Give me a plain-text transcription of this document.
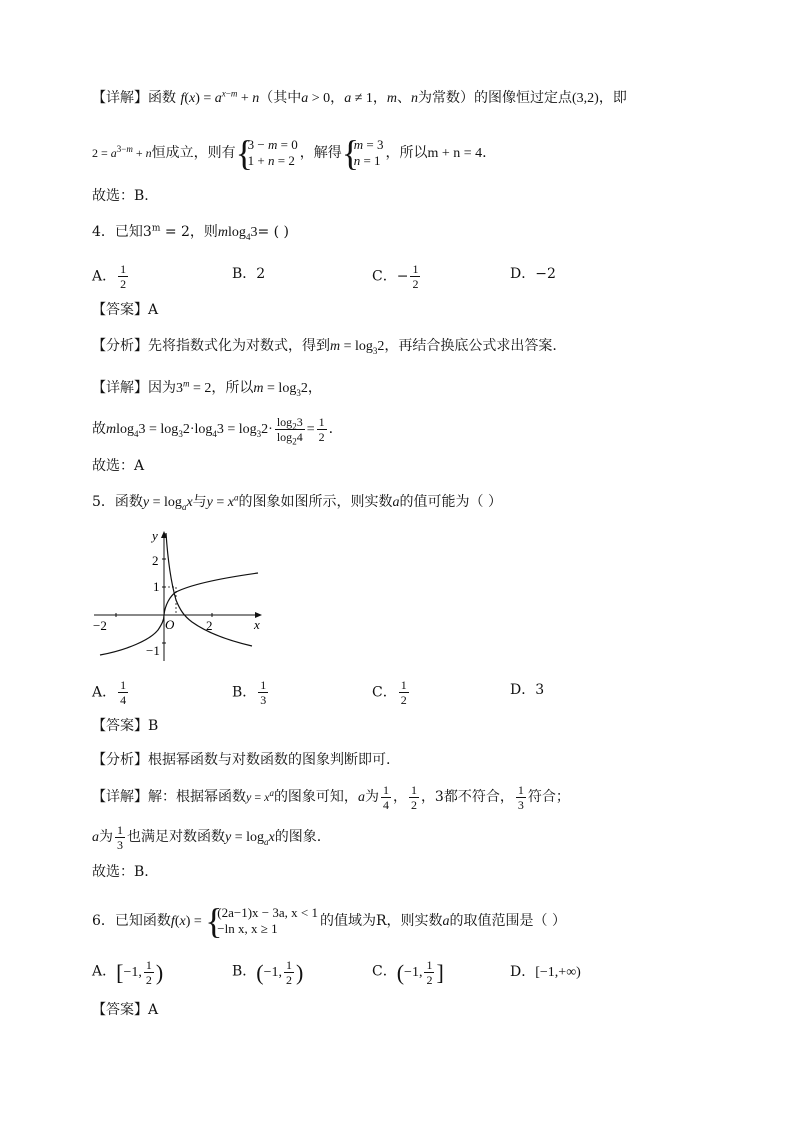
【详解】函数 $f(x) = a^{x-m} + n$（其中a > 0，a ≠ 1，m、n为常数）的图像恒过定点(3,2)，即
$2 = a^{3-m} + n$恒成立，则有{ 3 − m = 0
1 + n = 2 ，解得{ m = 3
n = 1 ，所以m + n = 4.
故选：B.
4．已知$3^m = 2$，则mlog$_4$3= ( )
A． $\frac{1}{2}$	B．2	C．− $\frac{1}{2}$	D．−2
【答案】A
【分析】先将指数式化为对数式，得到$m = \log_32$，再结合换底公式求出答案.
【详解】因为$3^m = 2$，所以$m = \log_32$，
故$mlog_43 = \log_32\cdot\log_43 = \log_32\cdot \frac{\log_23}{\log_24} = \frac{1}{2}$ .
故选：A
5．函数$y = \log_ax$与$y = x^a$的图象如图所示，则实数a的值可能为（ ）
y
x
O
−2	2
2
1
−1
A． $\frac{1}{4}$	B． $\frac{1}{3}$	C． $\frac{1}{2}$	D．3
【答案】B
【分析】根据幂函数与对数函数的图象判断即可.
【详解】解：根据幂函数$y = x^a$的图象可知，a为 $\frac{1}{4}$ ， $\frac{1}{2}$ ，3都不符合， $\frac{1}{3}$ 符合；
a为 $\frac{1}{3}$ 也满足对数函数$y = \log_ax$的图象.
故选：B.
6．已知函数f(x) = { (2a−1)x − 3a, x < 1
−ln x, x ≥ 1	的值域为R，则实数a的取值范围是（ ）
A．[−1, $\frac{1}{2}$ )	B．(−1, $\frac{1}{2}$ )	C．(−1, $\frac{1}{2}$ ]	D．[−1,+∞)
【答案】A
